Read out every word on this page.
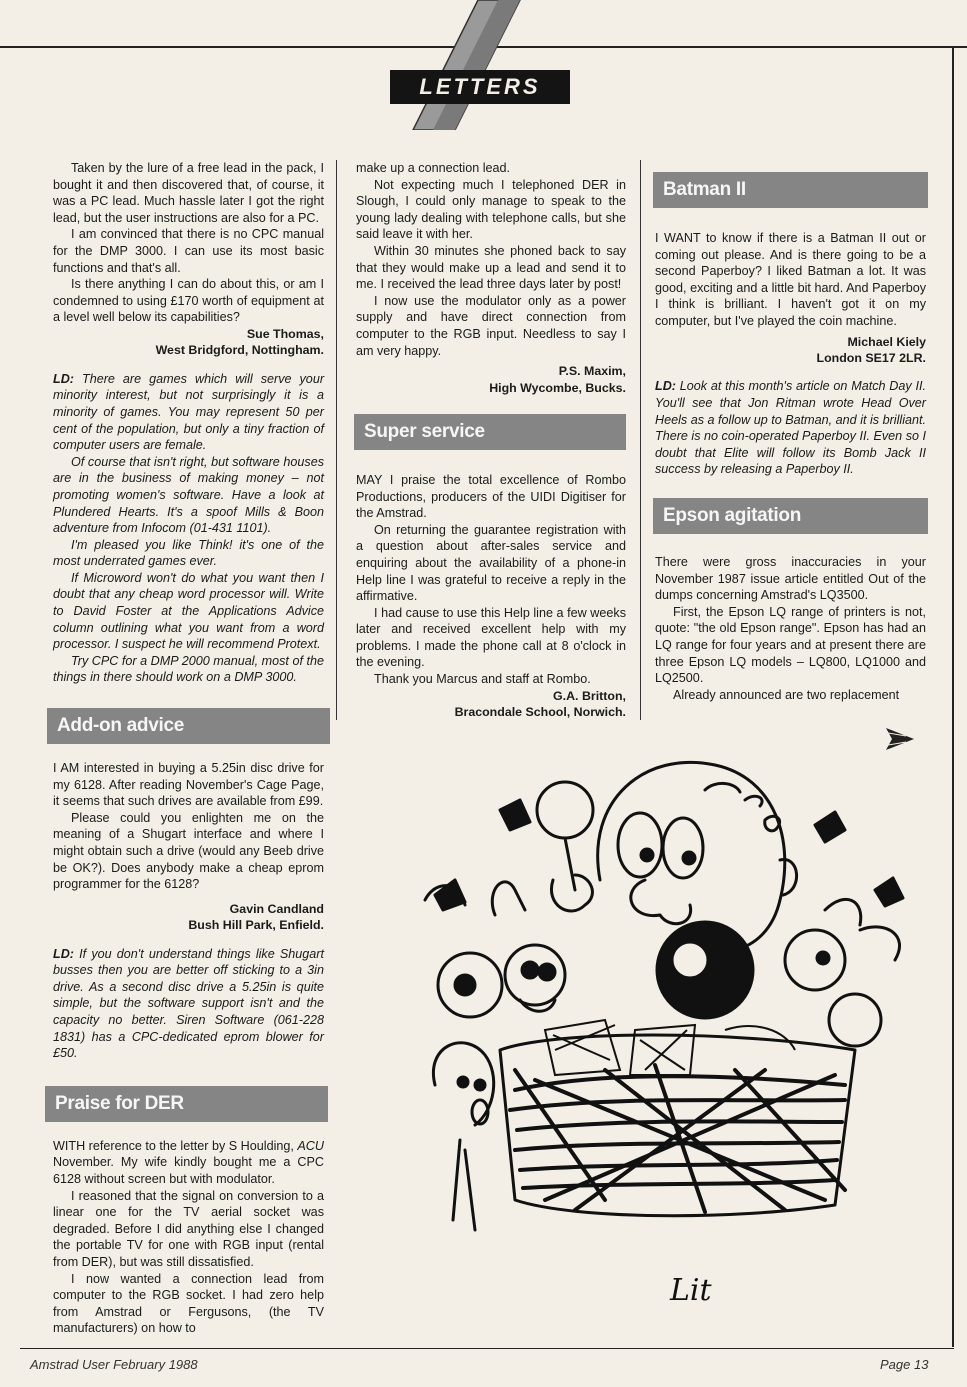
LETTERS

Taken by the lure of a free lead in the pack, I bought it and then discovered that, of course, it was a PC lead. Much hassle later I got the right lead, but the user instructions are also for a PC.

I am convinced that there is no CPC manual for the DMP 3000. I can use its most basic functions and that's all.

Is there anything I can do about this, or am I condemned to using £170 worth of equipment at a level well below its capabilities?

Sue Thomas,
West Bridgford, Nottingham.

LD: There are games which will serve your minority interest, but not surprisingly it is a minority of games. You may represent 50 per cent of the population, but only a tiny fraction of computer users are female.

Of course that isn't right, but software houses are in the business of making money – not promoting women's software. Have a look at Plundered Hearts. It's a spoof Mills & Boon adventure from Infocom (01-431 1101).

I'm pleased you like Think! it's one of the most underrated games ever.

If Microword won't do what you want then I doubt that any cheap word processor will. Write to David Foster at the Applications Advice column outlining what you want from a word processor. I suspect he will recommend Protext.

Try CPC for a DMP 2000 manual, most of the things in there should work on a DMP 3000.

Add-on advice

I AM interested in buying a 5.25in disc drive for my 6128. After reading November's Cage Page, it seems that such drives are available from £99.

Please could you enlighten me on the meaning of a Shugart interface and where I might obtain such a drive (would any Beeb drive be OK?). Does anybody make a cheap eprom programmer for the 6128?

Gavin Candland
Bush Hill Park, Enfield.

LD: If you don't understand things like Shugart busses then you are better off sticking to a 3in drive. As a second disc drive a 5.25in is quite simple, but the software support isn't and the capacity no better. Siren Software (061-228 1831) has a CPC-dedicated eprom blower for £50.

Praise for DER

WITH reference to the letter by S Houlding, ACU November. My wife kindly bought me a CPC 6128 without screen but with modulator.

I reasoned that the signal on conversion to a linear one for the TV aerial socket was degraded. Before I did anything else I changed the portable TV for one with RGB input (rental from DER), but was still dissatisfied.

I now wanted a connection lead from computer to the RGB socket. I had zero help from Amstrad or Fergusons, (the TV manufacturers) on how to

make up a connection lead.

Not expecting much I telephoned DER in Slough, I could only manage to speak to the young lady dealing with telephone calls, but she said leave it with her.

Within 30 minutes she phoned back to say that they would make up a lead and send it to me. I received the lead three days later by post!

I now use the modulator only as a power supply and have direct connection from computer to the RGB input. Needless to say I am very happy.

P.S. Maxim,
High Wycombe, Bucks.
Super service

MAY I praise the total excellence of Rombo Productions, producers of the UIDI Digitiser for the Amstrad.

On returning the guarantee registration with a question about after-sales service and enquiring about the availability of a phone-in Help line I was grateful to receive a reply in the affirmative.

I had cause to use this Help line a few weeks later and received excellent help with my problems. I made the phone call at 8 o'clock in the evening.

Thank you Marcus and staff at Rombo.

G.A. Britton,
Bracondale School, Norwich.
Batman II

I WANT to know if there is a Batman II out or coming out please. And is there going to be a second Paperboy? I liked Batman a lot. It was good, exciting and a little bit hard. And Paperboy I think is brilliant. I haven't got it on my computer, but I've played the coin machine.

Michael Kiely
London SE17 2LR.

LD: Look at this month's article on Match Day II. You'll see that Jon Ritman wrote Head Over Heels as a follow up to Batman, and it is brilliant. There is no coin-operated Paperboy II. Even so I doubt that Elite will follow its Bomb Jack II success by releasing a Paperboy II.

Epson agitation

There were gross inaccuracies in your November 1987 issue article entitled Out of the dumps concerning Amstrad's LQ3500.

First, the Epson LQ range of printers is not, quote: "the old Epson range". Epson has had an LQ range for four years and at present there are three Epson LQ models – LQ800, LQ1000 and LQ2500.

Already announced are two replacement

Lit
Amstrad User February 1988	Page 13
